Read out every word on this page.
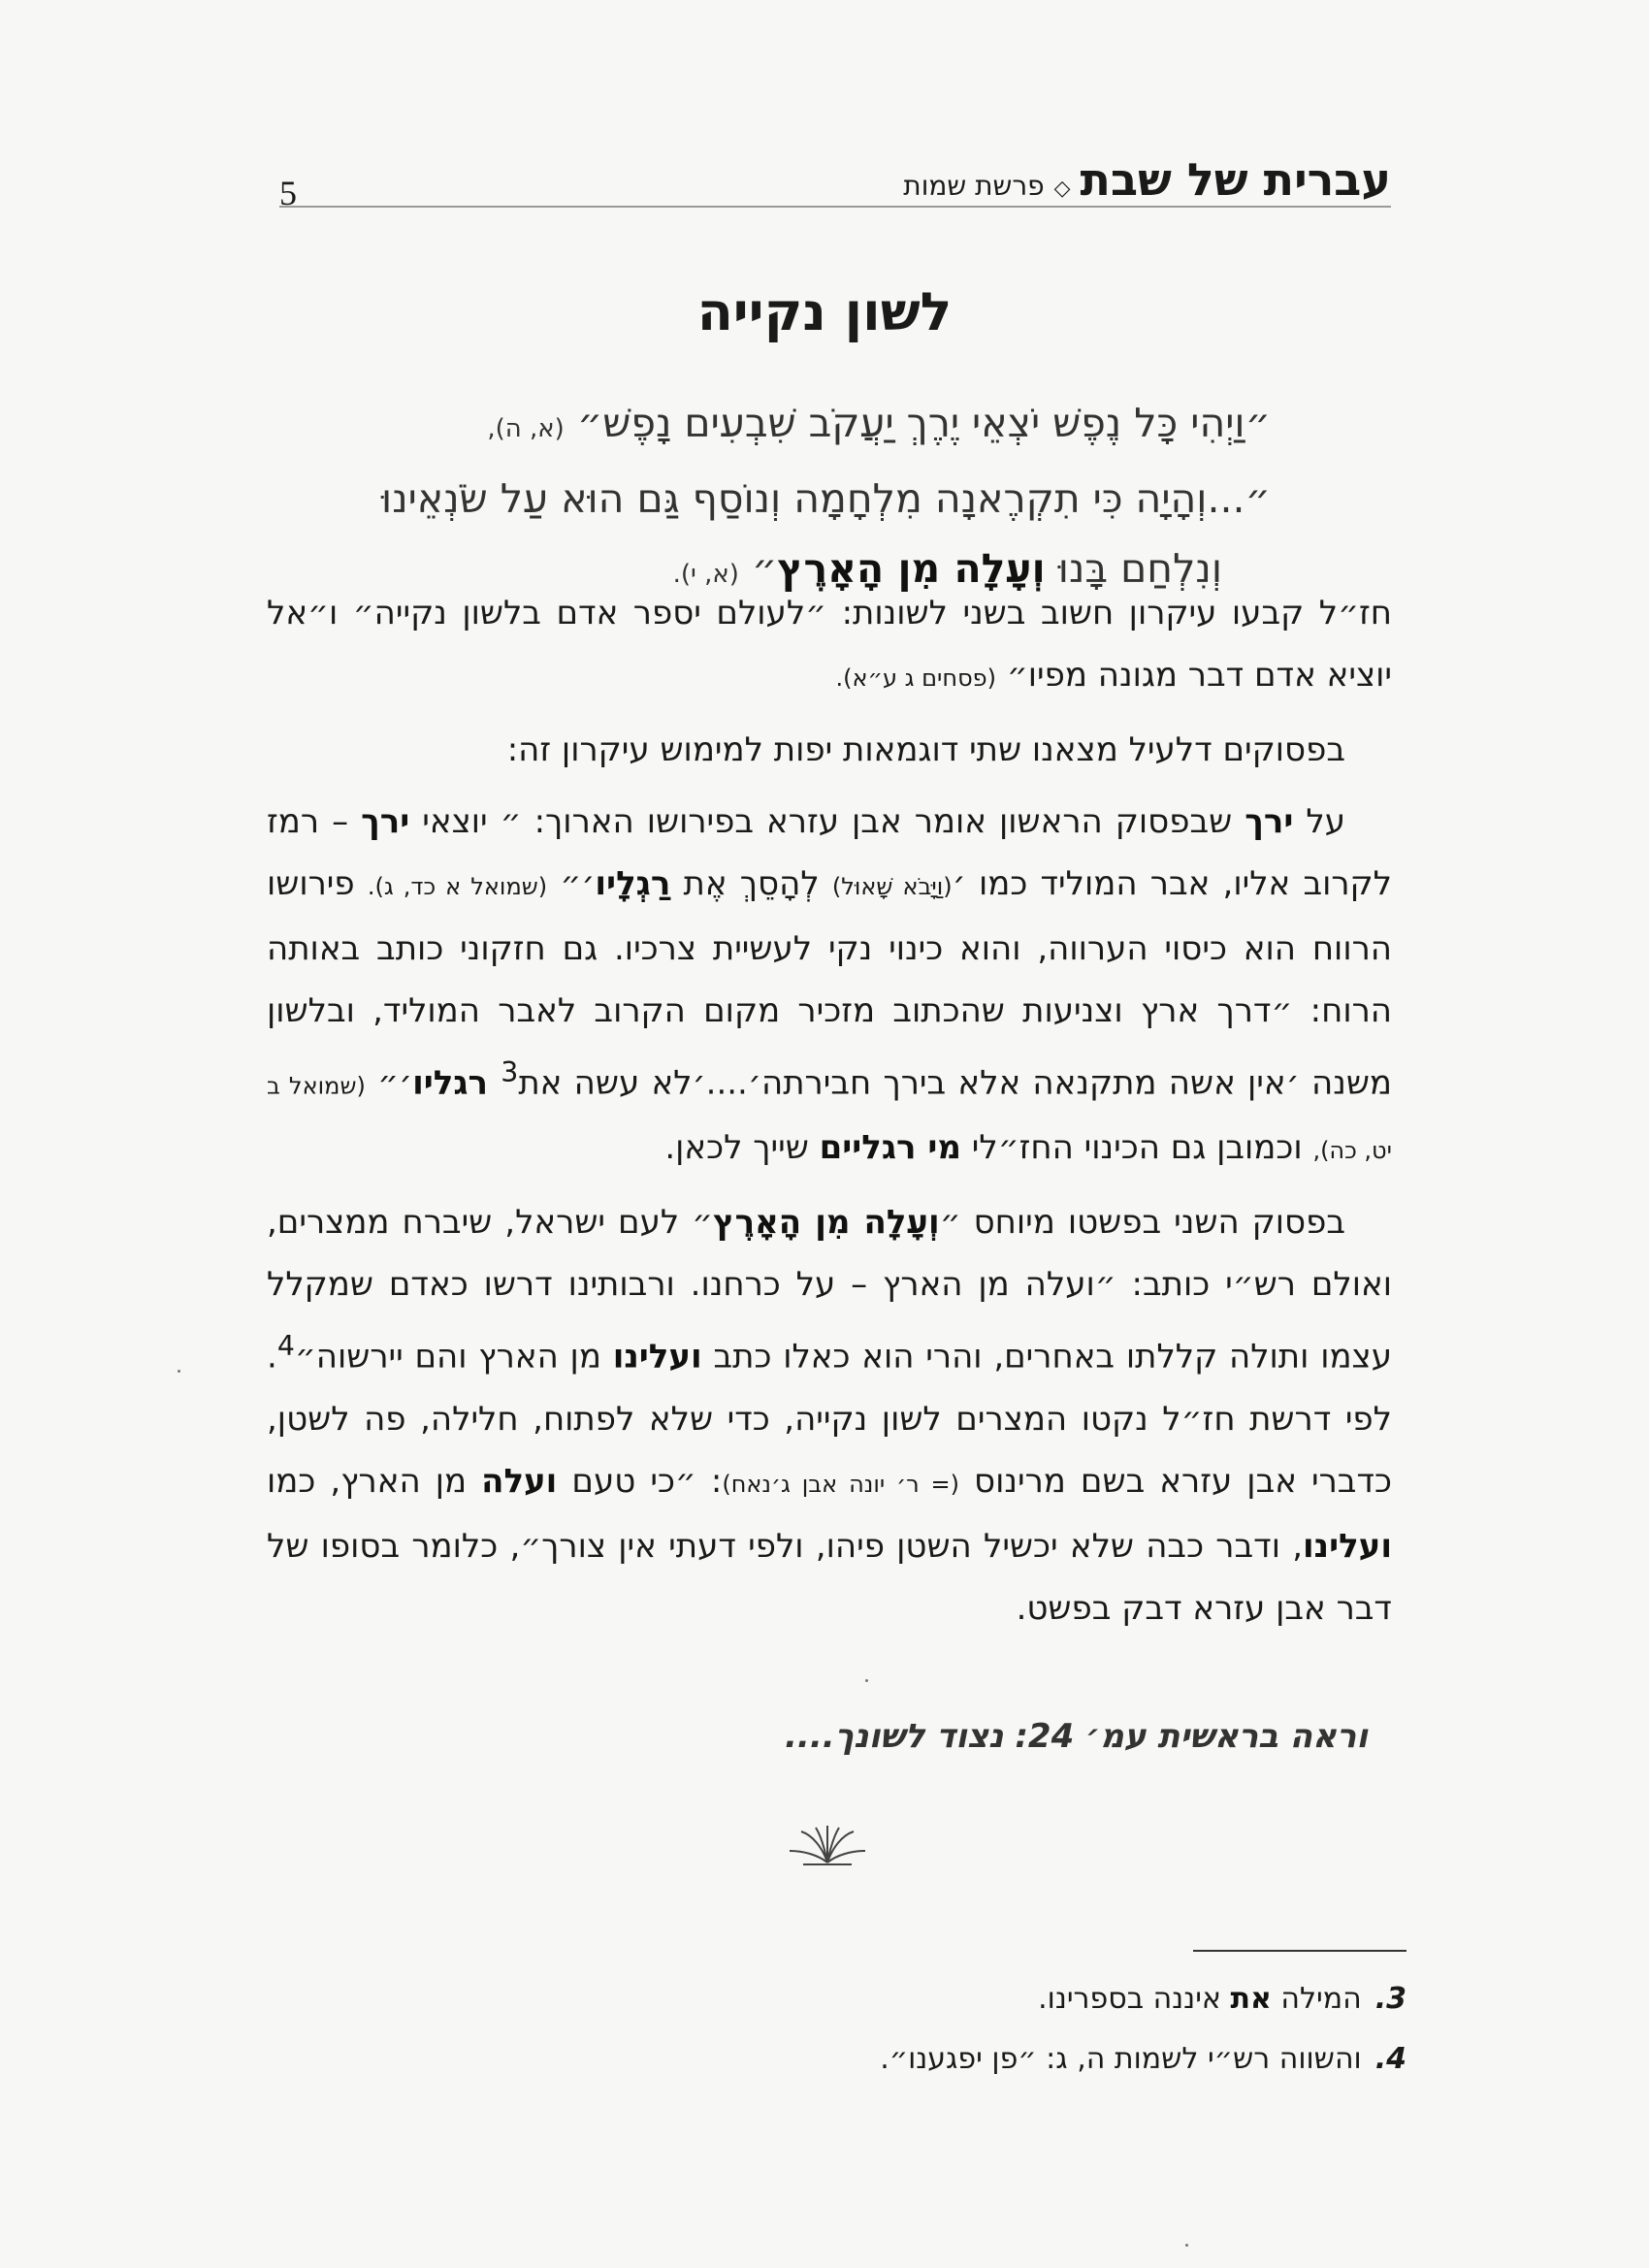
5	עברית של שבת
◇
פרשת שמות
לשון נקייה
״וַיְהִי כָּל נֶפֶשׁ יֹצְאֵי יֶרֶךְ יַעֲקֹב שִׁבְעִים נָפֶשׁ״ (א, ה),
״...וְהָיָה כִּי תִקְרֶאנָה מִלְחָמָה וְנוֹסַף גַּם הוּא עַל שֹׂנְאֵינוּ
וְנִלְחַם בָּנוּ וְעָלָה מִן הָאָרֶץ״ (א, י).

חז״ל קבעו עיקרון חשוב בשני לשונות: ״לעולם יספר אדם בלשון נקייה״ ו״אל יוציא אדם דבר מגונה מפיו״ (פסחים ג ע״א).

בפסוקים דלעיל מצאנו שתי דוגמאות יפות למימוש עיקרון זה:

על ירך שבפסוק הראשון אומר אבן עזרא בפירושו הארוך: ״ יוצאי ירך – רמז לקרוב אליו, אבר המוליד כמו ׳(וַיָּבֹא שָׁאוּל) לְהָסֵךְ אֶת רַגְלָיו׳״ (שמואל א כד, ג). פירושו הרווח הוא כיסוי הערווה, והוא כינוי נקי לעשיית צרכיו. גם חזקוני כותב באותה הרוח: ״דרך ארץ וצניעות שהכתוב מזכיר מקום הקרוב לאבר המוליד, ובלשון משנה ׳אין אשה מתקנאה אלא בירך חבירתה׳....׳לא עשה את$^3$ רגליו׳״ (שמואל ב יט, כה), וכמובן גם הכינוי החז״לי מי רגליים שייך לכאן.

בפסוק השני בפשטו מיוחס ״וְעָלָה מִן הָאָרֶץ״ לעם ישראל, שיברח ממצרים, ואולם רש״י כותב: ״ועלה מן הארץ – על כרחנו. ורבותינו דרשו כאדם שמקלל עצמו ותולה קללתו באחרים, והרי הוא כאלו כתב ועלינו מן הארץ והם יירשוה״$^4$. לפי דרשת חז״ל נקטו המצרים לשון נקייה, כדי שלא לפתוח, חלילה, פה לשטן, כדברי אבן עזרא בשם מרינוס (= ר׳ יונה אבן ג׳נאח): ״כי טעם ועלה מן הארץ, כמו ועלינו, ודבר כבה שלא יכשיל השטן פיהו, ולפי דעתי אין צורך״, כלומר בסופו של דבר אבן עזרא דבק בפשט.

וראה בראשית עמ׳ 24: נצוד לשונך....
3.המילה את איננה בספרינו.
4.והשווה רש״י לשמות ה, ג: ״פן יפגענו״.
